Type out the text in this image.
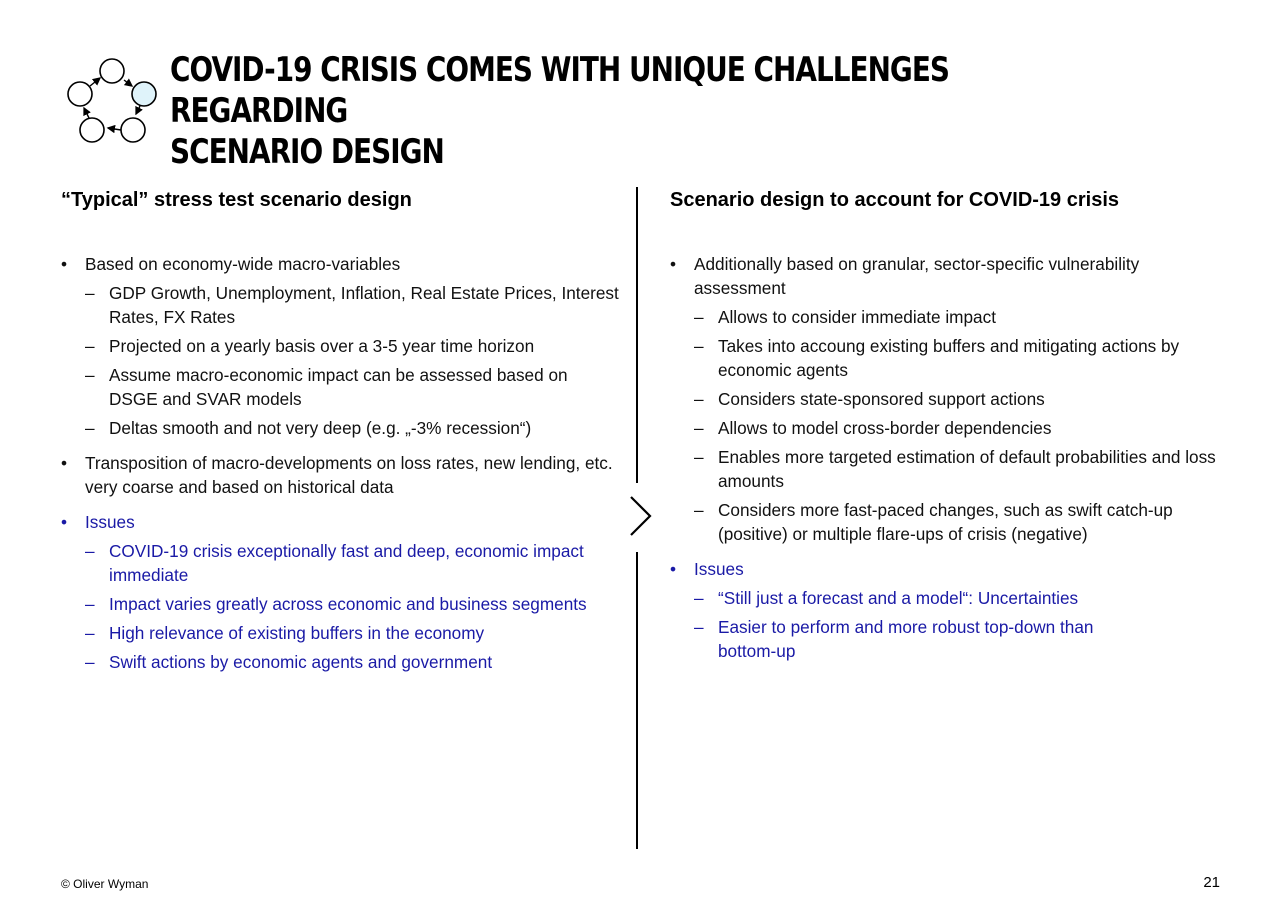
COVID-19 CRISIS COMES WITH UNIQUE CHALLENGES REGARDING
SCENARIO DESIGN
“Typical” stress test scenario design
• Based on economy-wide macro-variables
– GDP Growth, Unemployment, Inflation, Real Estate Prices, Interest Rates, FX Rates
– Projected on a yearly basis over a 3-5 year time horizon
– Assume macro-economic impact can be assessed based on DSGE and SVAR models
– Deltas smooth and not very deep (e.g. „-3% recession“)
• Transposition of macro-developments on loss rates, new lending, etc. very coarse and based on historical data
• Issues
– COVID-19 crisis exceptionally fast and deep, economic impact immediate
– Impact varies greatly across economic and business segments
– High relevance of existing buffers in the economy
– Swift actions by economic agents and government
Scenario design to account for COVID-19 crisis
• Additionally based on granular, sector-specific vulnerability assessment
– Allows to consider immediate impact
– Takes into accoung existing buffers and mitigating actions by economic agents
– Considers state-sponsored support actions
– Allows to model cross-border dependencies
– Enables more targeted estimation of default probabilities and loss amounts
– Considers more fast-paced changes, such as swift catch-up (positive) or multiple flare-ups of crisis (negative)
• Issues
– “Still just a forecast and a model“: Uncertainties
– Easier to perform and more robust top-down than bottom-up
© Oliver Wyman	21
